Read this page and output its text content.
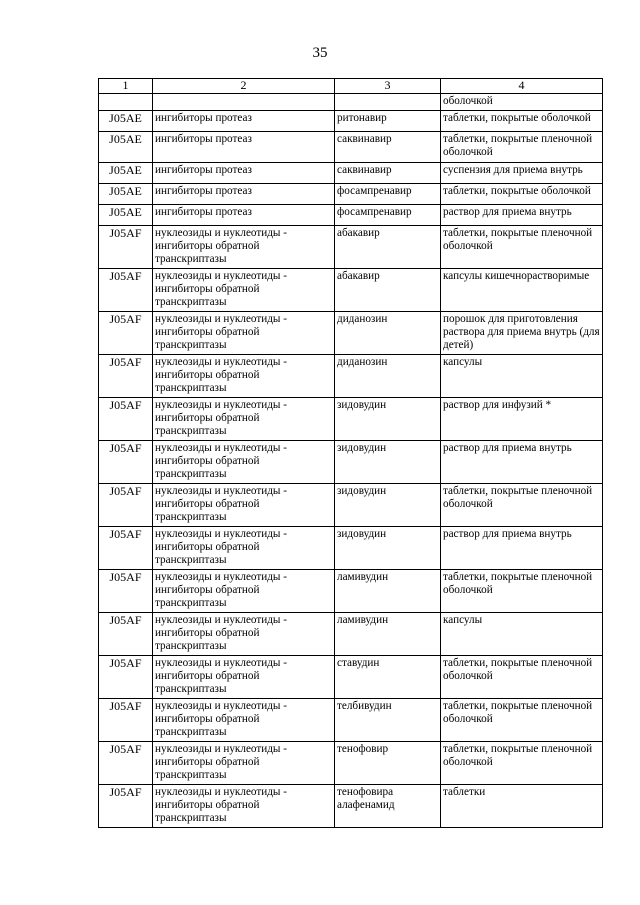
35
1	2	3	4
			оболочкой
J05AE	ингибиторы протеаз	ритонавир	таблетки, покрытые оболочкой
J05AE	ингибиторы протеаз	саквинавир	таблетки, покрытые пленочной оболочкой
J05AE	ингибиторы протеаз	саквинавир	суспензия для приема внутрь
J05AE	ингибиторы протеаз	фосампренавир	таблетки, покрытые оболочкой
J05AE	ингибиторы протеаз	фосампренавир	раствор для приема внутрь
J05AF	нуклеозиды и нуклеотиды - ингибиторы обратной транскриптазы	абакавир	таблетки, покрытые пленочной оболочкой
J05AF	нуклеозиды и нуклеотиды - ингибиторы обратной транскриптазы	абакавир	капсулы кишечнорастворимые
J05AF	нуклеозиды и нуклеотиды - ингибиторы обратной транскриптазы	диданозин	порошок для приготовления раствора для приема внутрь (для детей)
J05AF	нуклеозиды и нуклеотиды - ингибиторы обратной транскриптазы	диданозин	капсулы
J05AF	нуклеозиды и нуклеотиды - ингибиторы обратной транскриптазы	зидовудин	раствор для инфузий *
J05AF	нуклеозиды и нуклеотиды - ингибиторы обратной транскриптазы	зидовудин	раствор для приема внутрь
J05AF	нуклеозиды и нуклеотиды - ингибиторы обратной транскриптазы	зидовудин	таблетки, покрытые пленочной оболочкой
J05AF	нуклеозиды и нуклеотиды - ингибиторы обратной транскриптазы	зидовудин	раствор для приема внутрь
J05AF	нуклеозиды и нуклеотиды - ингибиторы обратной транскриптазы	ламивудин	таблетки, покрытые пленочной оболочкой
J05AF	нуклеозиды и нуклеотиды - ингибиторы обратной транскриптазы	ламивудин	капсулы
J05AF	нуклеозиды и нуклеотиды - ингибиторы обратной транскриптазы	ставудин	таблетки, покрытые пленочной оболочкой
J05AF	нуклеозиды и нуклеотиды - ингибиторы обратной транскриптазы	телбивудин	таблетки, покрытые пленочной оболочкой
J05AF	нуклеозиды и нуклеотиды - ингибиторы обратной транскриптазы	тенофовир	таблетки, покрытые пленочной оболочкой
J05AF	нуклеозиды и нуклеотиды - ингибиторы обратной транскриптазы	тенофовира алафенамид	таблетки
